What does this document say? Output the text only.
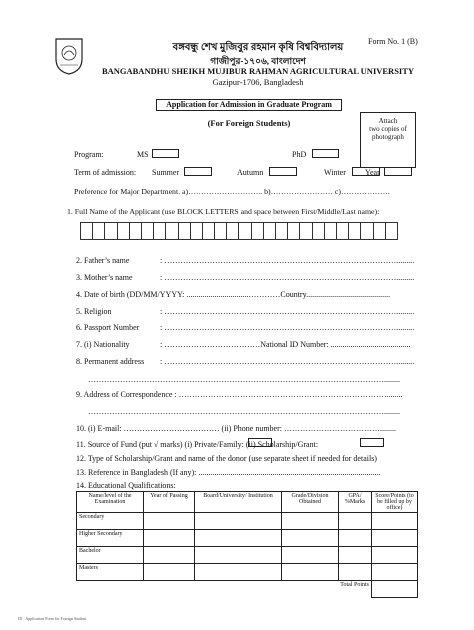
Form No. 1 (B)
বঙ্গবন্ধু শেখ মুজিবুর রহমান কৃষি বিশ্ববিদ্যালয়
গাজীপুর-১৭০৬, বাংলাদেশ
BANGABANDHU SHEIKH MUJIBUR RAHMAN AGRICULTURAL UNIVERSITY
Gazipur-1706, Bangladesh
Application for Admission in Graduate Program
(For Foreign Students)	Attach
two copies of
photograph
Program:	MS	PhD
Term of admission: Summer	Autumn	Winter Year
Preference for Major Department. a)……………………….. b)…………………… c)……………….
1. Full Name of the Applicant (use BLOCK LETTERS and space between First/Middle/Last name):
2. Father’s name	: …………………………………………………………………………….........
3. Mother’s name	: …………………………………………………………………………….........
4. Date of birth (DD/MM/YYYY: ...............................…………Country..........................................
5. Religion	: …………………………………………………………………………….........
6. Passport Number	: …………………………………………………………………………….........
7. (i) Nationality	: ………………………………National ID Number: ........................................
8. Permanent address : …………………………………………………………………………….........
…………………………………………………………………………………………………........
9. Address of Correspondence : ……………………………………………………………………........
…………………………………………………………………………………………………........
10. (i) E-mail: ……………………………… (ii) Phone number: ………………………………........
11. Source of Fund (put √ marks) (i) Private/Family: (ii) Scholarship/Grant:
12. Type of Scholarship/Grant and name of the donor (use separate sheet if needed for details)
13. Reference in Bangladesh (If any): ...........................................................................................
14. Educational Qualifications:
Name/level of the Examination	Year of Passing	Board/University/ Institution	Grade/Division Obtained	GPA/ %Marks	Score/Points (to be filled up by office)
Secondary					
Higher Secondary					
Bachelor					
Masters					
Total Points					
ID · Application Form for Foreign Student
